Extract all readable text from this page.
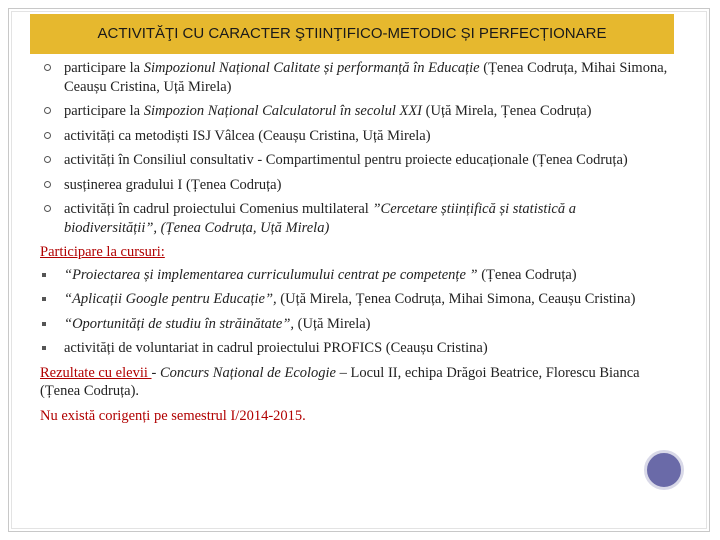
ACTIVITĂŢI CU CARACTER ŞTIINŢIFICO-METODIC ȘI PERFECȚIONARE
participare la Simpozionul Național Calitate și performanță în Educație (Țenea Codruța, Mihai Simona, Ceaușu Cristina, Uță Mirela)
participare la Simpozion Național Calculatorul în secolul XXI (Uță Mirela, Țenea Codruța)
activități ca metodiști ISJ Vâlcea (Ceaușu Cristina, Uță Mirela)
activități în Consiliul consultativ - Compartimentul pentru proiecte educaționale (Țenea Codruța)
susținerea gradului I (Țenea Codruța)
activități în cadrul proiectului Comenius multilateral ”Cercetare științifică și statistică a biodiversității”, (Țenea Codruța, Uță Mirela)
Participare la cursuri:
“Proiectarea și implementarea curriculumului centrat pe competențe ” (Țenea Codruța)
“Aplicații Google pentru Educație”, (Uță Mirela, Țenea Codruța, Mihai Simona, Ceaușu Cristina)
“Oportunități de studiu în străinătate”, (Uță Mirela)
activități de voluntariat in cadrul proiectului PROFICS (Ceaușu Cristina)
Rezultate cu elevii - Concurs Național de Ecologie – Locul II, echipa Drăgoi Beatrice, Florescu Bianca (Țenea Codruța).
Nu există corigenți pe semestrul I/2014-2015.
